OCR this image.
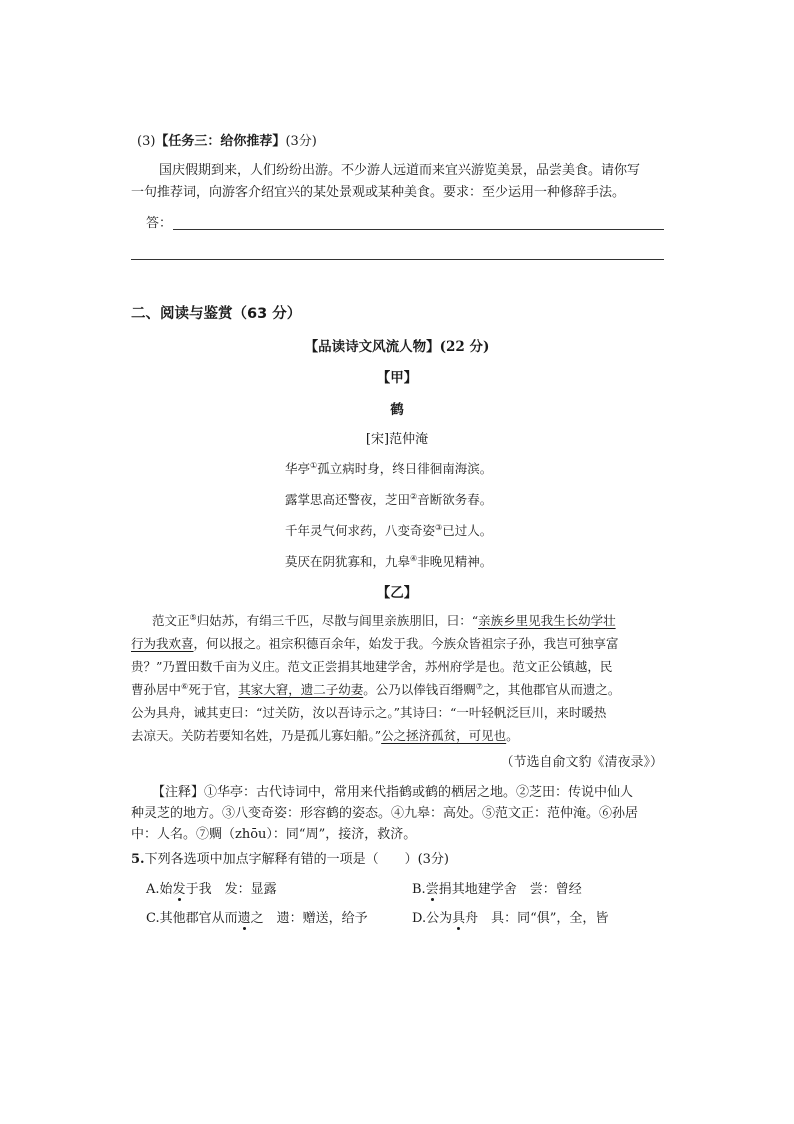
(3)【任务三：给你推荐】(3分)
国庆假期到来，人们纷纷出游。不少游人远道而来宜兴游览美景，品尝美食。请你写
一句推荐词，向游客介绍宜兴的某处景观或某种美食。要求：至少运用一种修辞手法。
答：
二、阅读与鉴赏（63 分）
【品读诗文风流人物】(22 分)
【甲】
鹤
[宋]范仲淹
华亭①孤立病时身，终日徘徊南海滨。
露掌思高还警夜，芝田②音断欲务春。
千年灵气何求药，八变奇姿③已过人。
莫厌在阴犹寡和，九皋④非晚见精神。
【乙】
范文正⑤归姑苏，有绢三千匹，尽散与闾里亲族朋旧，曰：“亲族乡里见我生长幼学壮
行为我欢喜，何以报之。祖宗积德百余年，始发于我。今族众皆祖宗子孙，我岂可独享富
贵？”乃置田数千亩为义庄。范文正尝捐其地建学舍，苏州府学是也。范文正公镇越，民
曹孙居中⑥死于官，其家大窘，遗二子幼妻。公乃以俸钱百缗赒⑦之，其他郡官从而遗之。
公为具舟，诫其吏曰：“过关防，汝以吾诗示之。”其诗曰：“一叶轻帆泛巨川，来时暖热
去凉天。关防若要知名姓，乃是孤儿寡妇船。”公之拯济孤贫，可见也。
（节选自俞文豹《清夜录》）
【注释】①华亭：古代诗词中，常用来代指鹤或鹤的栖居之地。②芝田：传说中仙人
种灵芝的地方。③八变奇姿：形容鹤的姿态。④九皋：高处。⑤范文正：范仲淹。⑥孙居
中：人名。⑦赒（zhōu）：同“周”，接济，救济。
5.下列各选项中加点字解释有错的一项是（　　）(3分)
A.始发于我　发：显露	B.尝捐其地建学舍　尝：曾经
C.其他郡官从而遗之　遗：赠送，给予	D.公为具舟　具：同“俱”，全，皆
